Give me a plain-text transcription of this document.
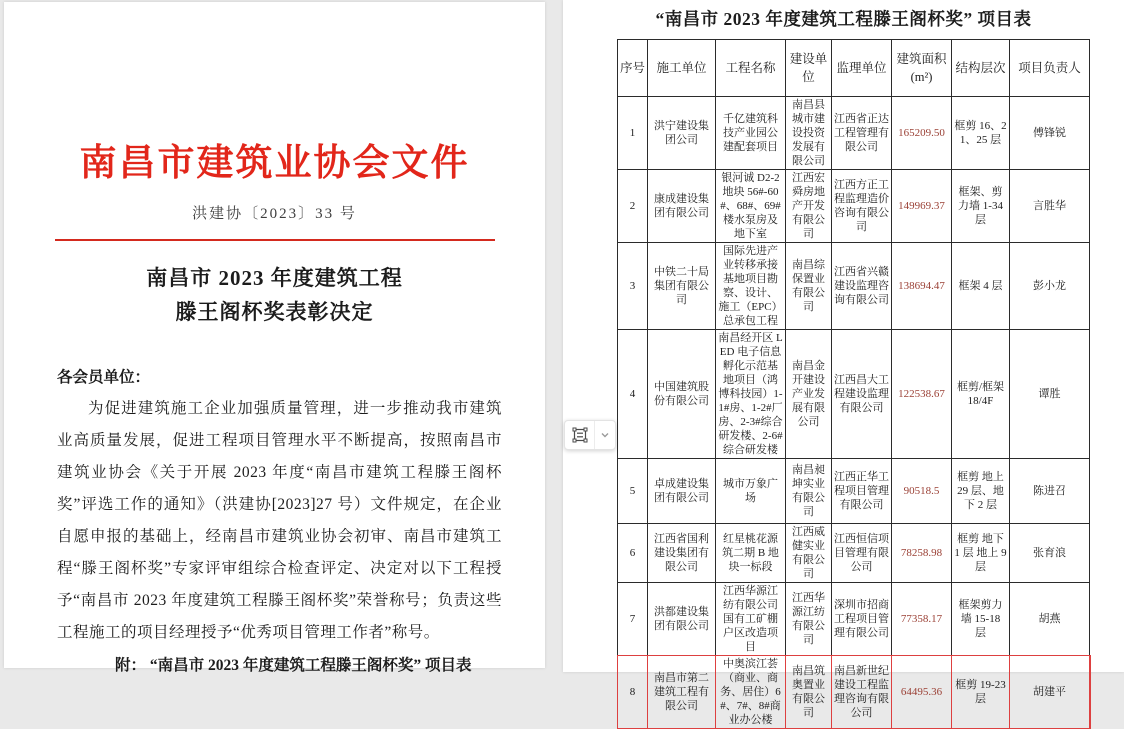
南昌市建筑业协会文件
洪建协〔2023〕33 号
南昌市 2023 年度建筑工程
滕王阁杯奖表彰决定
各会员单位：
为促进建筑施工企业加强质量管理，进一步推动我市建筑业高质量发展，促进工程项目管理水平不断提高，按照南昌市建筑业协会《关于开展 2023 年度“南昌市建筑工程滕王阁杯奖”评选工作的通知》（洪建协[2023]27 号）文件规定，在企业自愿申报的基础上，经南昌市建筑业协会初审、南昌市建筑工程“滕王阁杯奖”专家评审组综合检查评定、决定对以下工程授予“南昌市 2023 年度建筑工程滕王阁杯奖”荣誉称号；负责这些工程施工的项目经理授予“优秀项目管理工作者”称号。
附： “南昌市 2023 年度建筑工程滕王阁杯奖” 项目表
“南昌市 2023 年度建筑工程滕王阁杯奖” 项目表
序号	施工单位	工程名称	建设单位	监理单位	建筑面积(m²)	结构层次	项目负责人
1	洪宁建设集团公司	千亿建筑科技产业园公建配套项目	南昌县城市建设投资发展有限公司	江西省正达工程管理有限公司	165209.50	框剪 16、21、25 层	傅锋锐
2	康成建设集团有限公司	银河诚 D2-2 地块 56#-60#、68#、69#楼水泵房及地下室	江西宏舜房地产开发有限公司	江西方正工程监理造价咨询有限公司	149969.37	框架、剪力墙 1-34 层	言胜华
3	中铁二十局集团有限公司	国际先进产业转移承接基地项目勘察、设计、施工（EPC）总承包工程	南昌综保置业有限公司	江西省兴赣建设监理咨询有限公司	138694.47	框架 4 层	彭小龙
4	中国建筑股份有限公司	南昌经开区 LED 电子信息孵化示范基地项目（鸿博科技园）1-1#房、1-2#厂房、2-3#综合研发楼、2-6#综合研发楼	南昌金开建设产业发展有限公司	江西昌大工程建设监理有限公司	122538.67	框剪/框架 18/4F	谭胜
5	卓成建设集团有限公司	城市万象广场	南昌昶坤实业有限公司	江西正华工程项目管理有限公司	90518.5	框剪 地上 29 层、地下 2 层	陈进召
6	江西省国利建设集团有限公司	红星桃花源筑二期 B 地块一标段	江西威健实业有限公司	江西恒信项目管理有限公司	78258.98	框剪 地下 1 层 地上 9 层	张育浪
7	洪都建设集团有限公司	江西华源江纺有限公司国有工矿棚户区改造项目	江西华源江纺有限公司	深圳市招商工程项目管理有限公司	77358.17	框架剪力墙 15-18 层	胡燕
8	南昌市第二建筑工程有限公司	中奥滨江荟（商业、商务、居住）6#、7#、8#商业办公楼	南昌筑奥置业有限公司	南昌新世纪建设工程监理咨询有限公司	64495.36	框剪 19-23 层	胡建平
